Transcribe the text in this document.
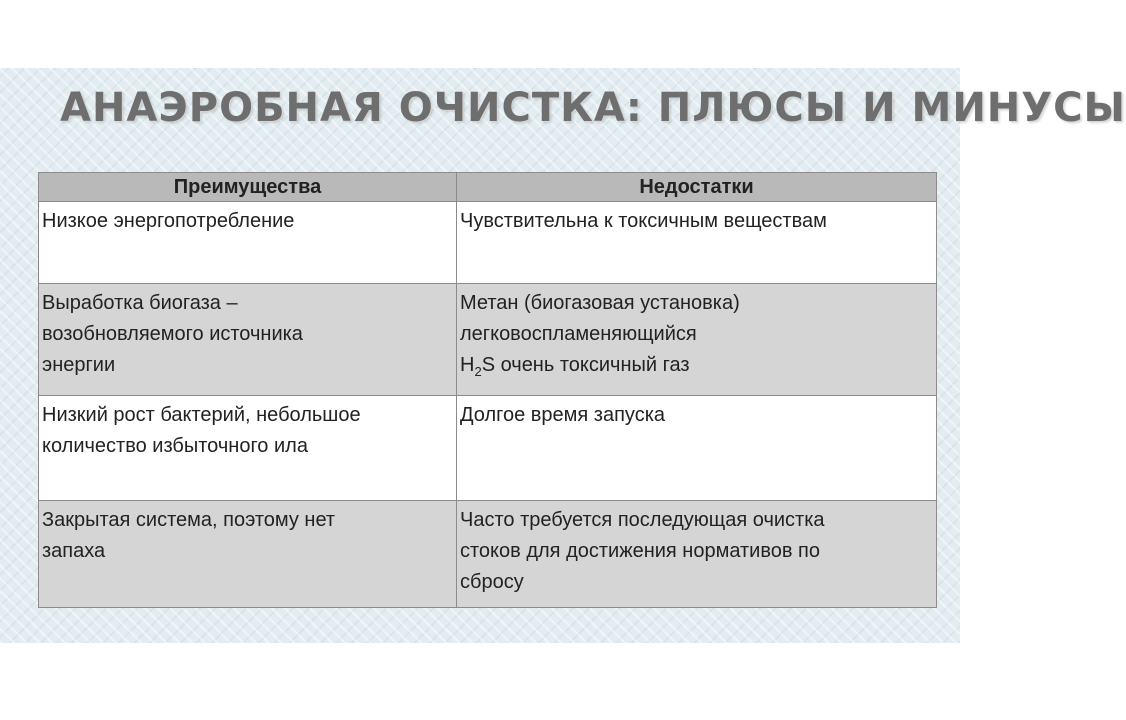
АНАЭРОБНАЯ ОЧИСТКА: ПЛЮСЫ И МИНУСЫ
Преимущества	Недостатки

Низкое энергопотребление	Чувствительна к токсичным веществам

Выработка биогаза –
возобновляемого источника
энергии	Метан (биогазовая установка)
легковоспламеняющийся
$H_2S$ очень токсичный газ

Низкий рост бактерий, небольшое
количество избыточного ила	Долгое время запуска

Закрытая система, поэтому нет
запаха	Часто требуется последующая очистка
стоков для достижения нормативов по
сбросу
